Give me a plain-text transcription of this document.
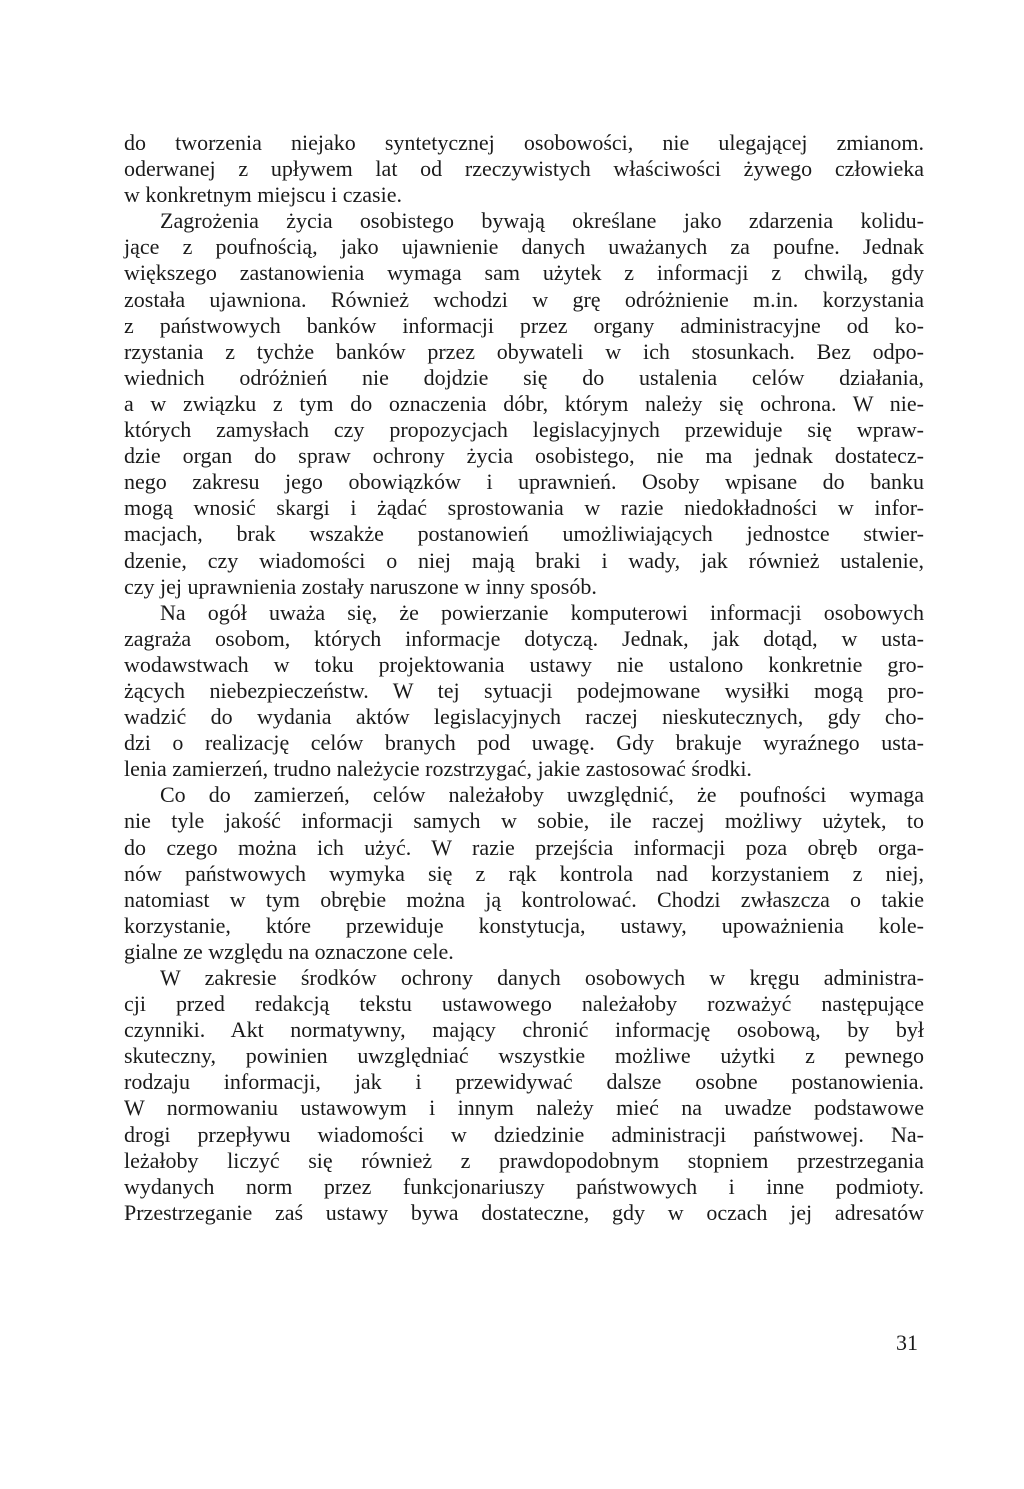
do tworzenia niejako syntetycznej osobowości, nie ulegającej zmianom.
oderwanej z upływem lat od rzeczywistych właściwości żywego człowieka
w konkretnym miejscu i czasie.
Zagrożenia życia osobistego bywają określane jako zdarzenia kolidu-
jące z poufnością, jako ujawnienie danych uważanych za poufne. Jednak
większego zastanowienia wymaga sam użytek z informacji z chwilą, gdy
została ujawniona. Również wchodzi w grę odróżnienie m.in. korzystania
z państwowych banków informacji przez organy administracyjne od ko-
rzystania z tychże banków przez obywateli w ich stosunkach. Bez odpo-
wiednich odróżnień nie dojdzie się do ustalenia celów działania,
a w związku z tym do oznaczenia dóbr, którym należy się ochrona. W nie-
których zamysłach czy propozycjach legislacyjnych przewiduje się wpraw-
dzie organ do spraw ochrony życia osobistego, nie ma jednak dostatecz-
nego zakresu jego obowiązków i uprawnień. Osoby wpisane do banku
mogą wnosić skargi i żądać sprostowania w razie niedokładności w infor-
macjach, brak wszakże postanowień umożliwiających jednostce stwier-
dzenie, czy wiadomości o niej mają braki i wady, jak również ustalenie,
czy jej uprawnienia zostały naruszone w inny sposób.
Na ogół uważa się, że powierzanie komputerowi informacji osobowych
zagraża osobom, których informacje dotyczą. Jednak, jak dotąd, w usta-
wodawstwach w toku projektowania ustawy nie ustalono konkretnie gro-
żących niebezpieczeństw. W tej sytuacji podejmowane wysiłki mogą pro-
wadzić do wydania aktów legislacyjnych raczej nieskutecznych, gdy cho-
dzi o realizację celów branych pod uwagę. Gdy brakuje wyraźnego usta-
lenia zamierzeń, trudno należycie rozstrzygać, jakie zastosować środki.
Co do zamierzeń, celów należałoby uwzględnić, że poufności wymaga
nie tyle jakość informacji samych w sobie, ile raczej możliwy użytek, to
do czego można ich użyć. W razie przejścia informacji poza obręb orga-
nów państwowych wymyka się z rąk kontrola nad korzystaniem z niej,
natomiast w tym obrębie można ją kontrolować. Chodzi zwłaszcza o takie
korzystanie, które przewiduje konstytucja, ustawy, upoważnienia kole-
gialne ze względu na oznaczone cele.
W zakresie środków ochrony danych osobowych w kręgu administra-
cji przed redakcją tekstu ustawowego należałoby rozważyć następujące
czynniki. Akt normatywny, mający chronić informację osobową, by był
skuteczny, powinien uwzględniać wszystkie możliwe użytki z pewnego
rodzaju informacji, jak i przewidywać dalsze osobne postanowienia.
W normowaniu ustawowym i innym należy mieć na uwadze podstawowe
drogi przepływu wiadomości w dziedzinie administracji państwowej. Na-
leżałoby liczyć się również z prawdopodobnym stopniem przestrzegania
wydanych norm przez funkcjonariuszy państwowych i inne podmioty.
Przestrzeganie zaś ustawy bywa dostateczne, gdy w oczach jej adresatów
31
